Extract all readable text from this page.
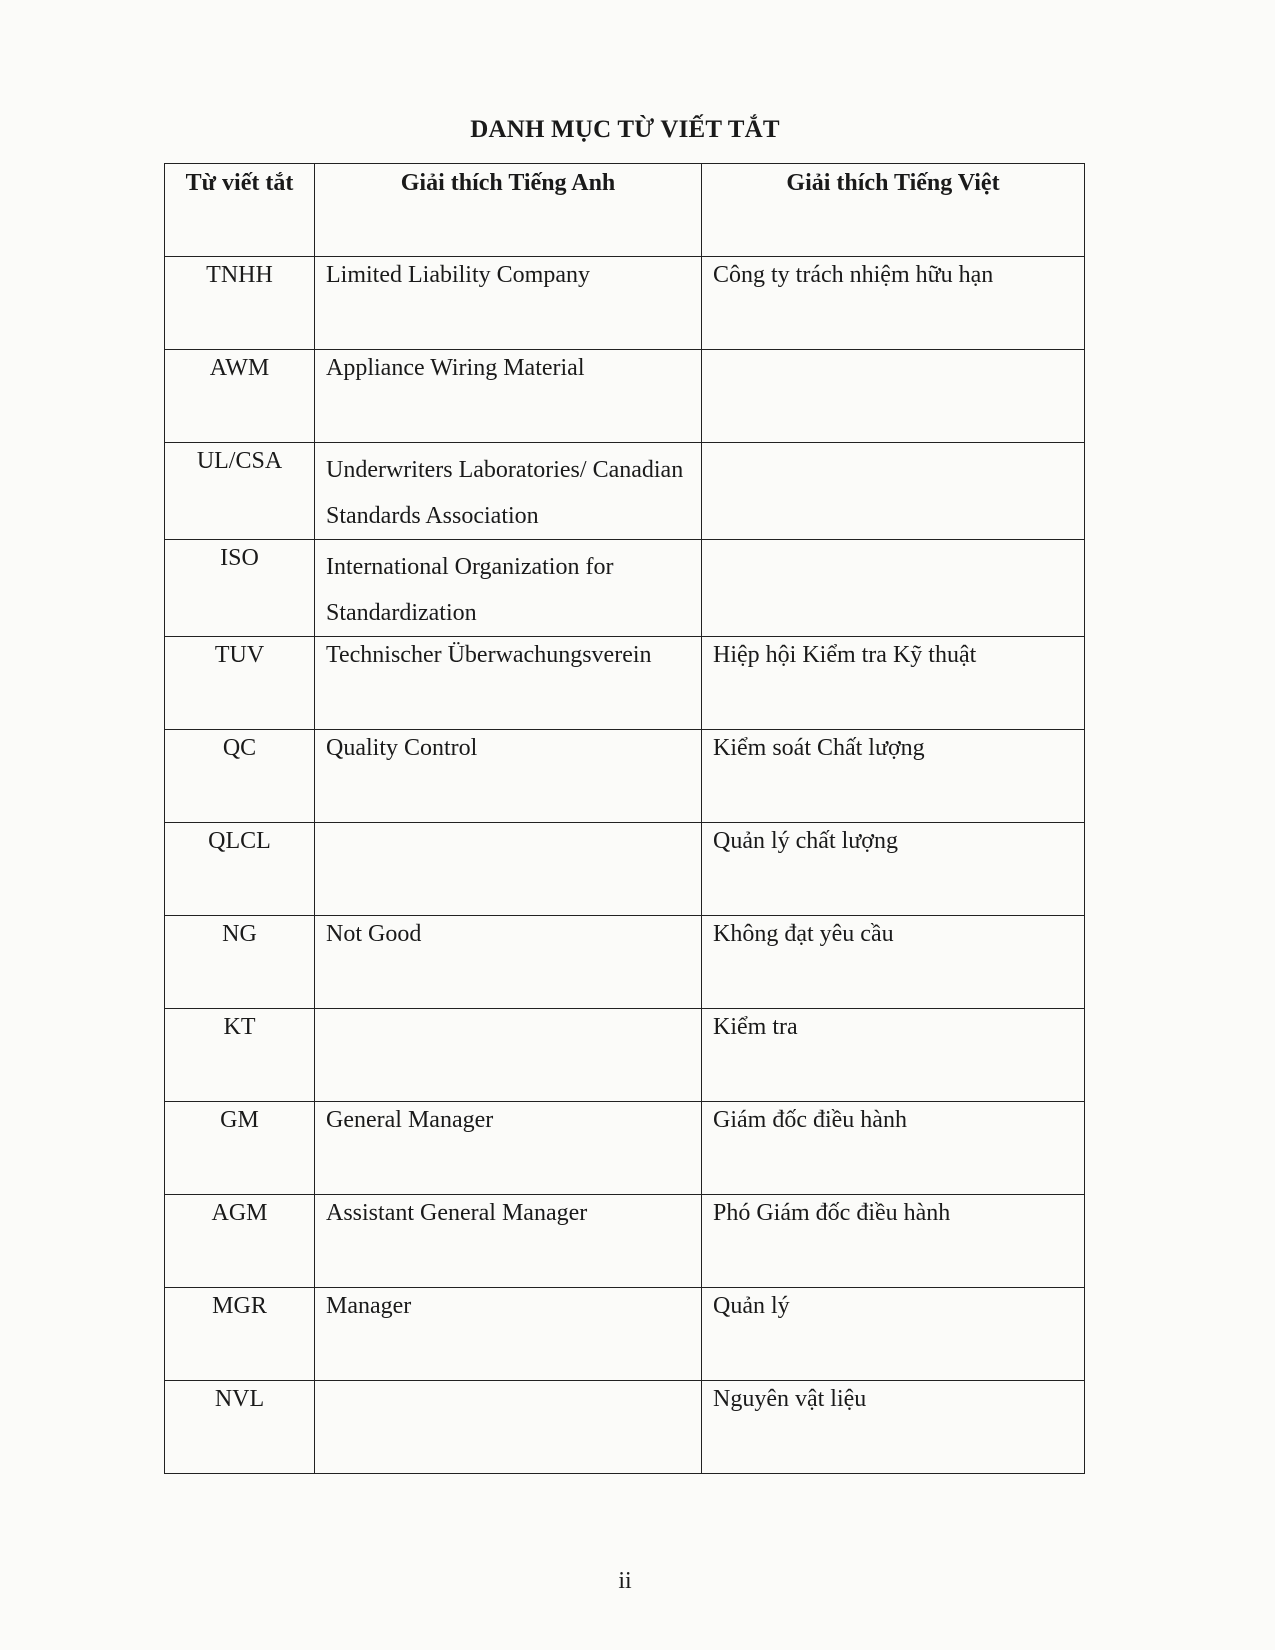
DANH MỤC TỪ VIẾT TẮT
Từ viết tắt	Giải thích Tiếng Anh	Giải thích Tiếng Việt

TNHH	Limited Liability Company	Công ty trách nhiệm hữu hạn

AWM	Appliance Wiring Material	

UL/CSA	Underwriters Laboratories/ Canadian Standards Association	

ISO	International Organization for Standardization	

TUV	Technischer Überwachungsverein	Hiệp hội Kiểm tra Kỹ thuật

QC	Quality Control	Kiểm soát Chất lượng

QLCL		Quản lý chất lượng

NG	Not Good	Không đạt yêu cầu

KT		Kiểm tra

GM	General Manager	Giám đốc điều hành

AGM	Assistant General Manager	Phó Giám đốc điều hành

MGR	Manager	Quản lý

NVL		Nguyên vật liệu
ii
